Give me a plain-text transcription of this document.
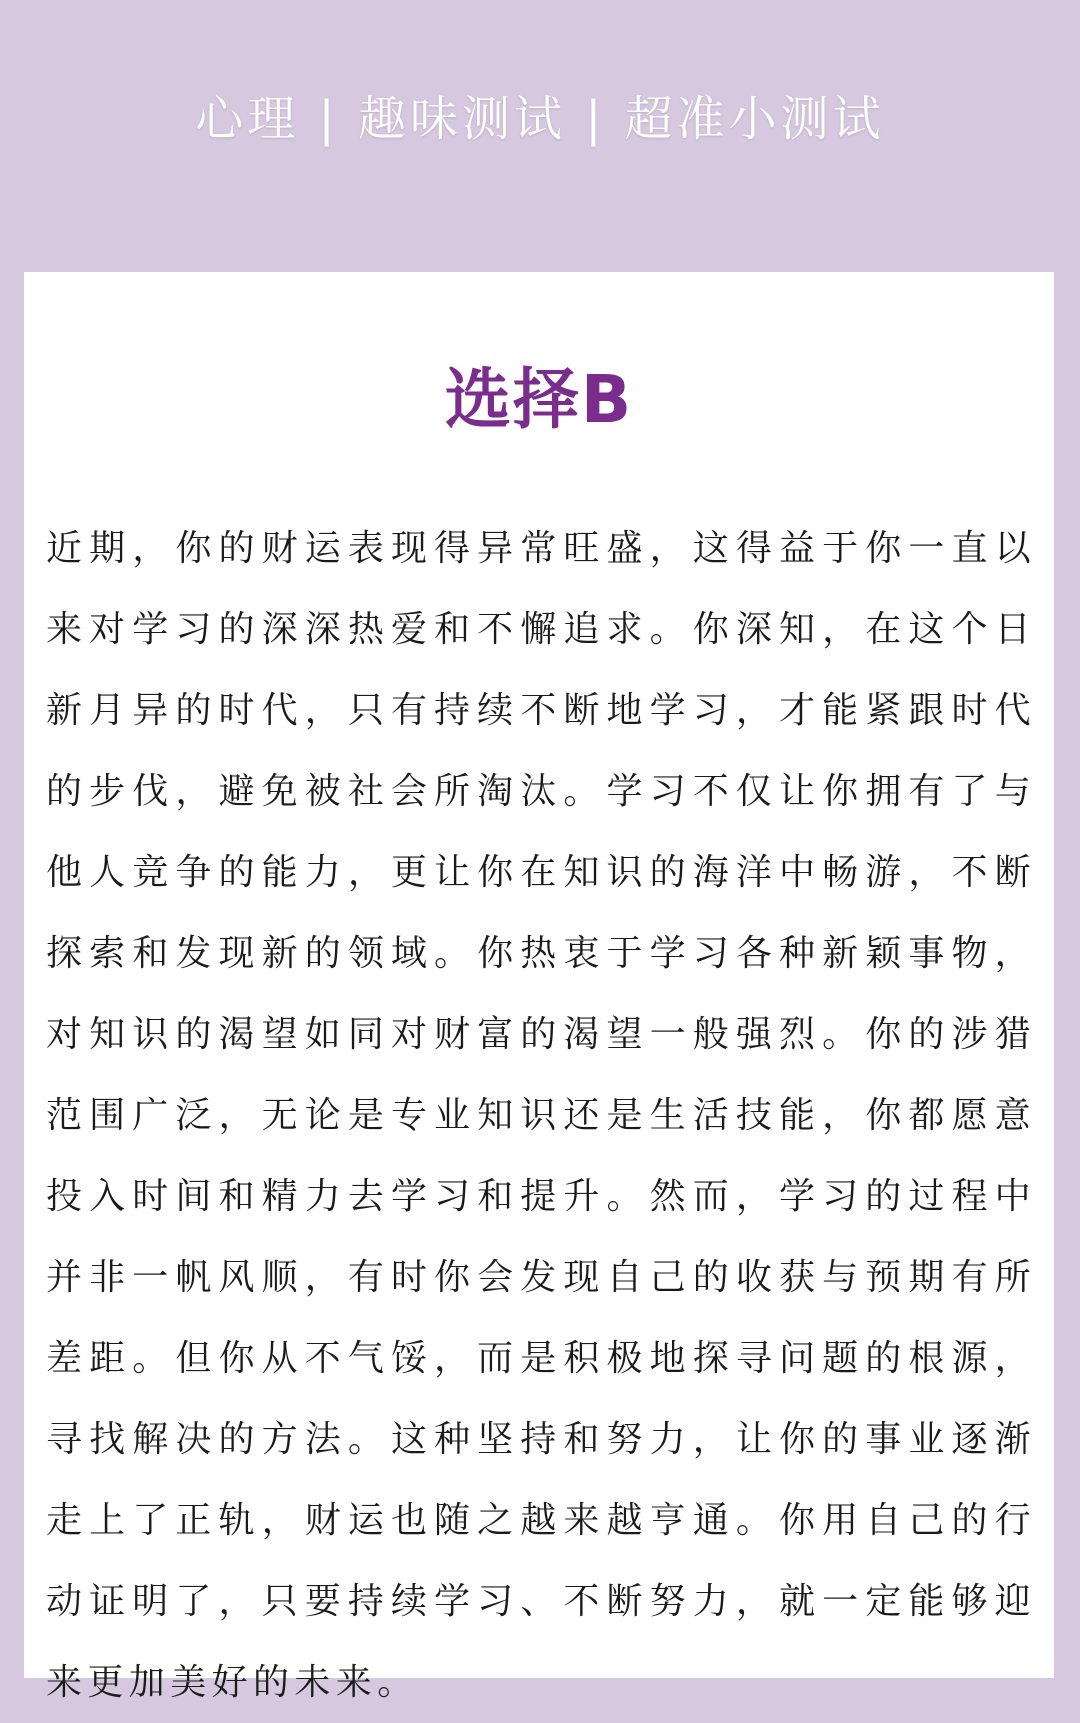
心理 | 趣味测试 | 超准小测试
选择B

近期，你的财运表现得异常旺盛，这得益于你一直以来对学习的深深热爱和不懈追求。你深知，在这个日新月异的时代，只有持续不断地学习，才能紧跟时代的步伐，避免被社会所淘汰。学习不仅让你拥有了与他人竞争的能力，更让你在知识的海洋中畅游，不断探索和发现新的领域。你热衷于学习各种新颖事物，对知识的渴望如同对财富的渴望一般强烈。你的涉猎范围广泛，无论是专业知识还是生活技能，你都愿意投入时间和精力去学习和提升。然而，学习的过程中并非一帆风顺，有时你会发现自己的收获与预期有所差距。但你从不气馁，而是积极地探寻问题的根源，寻找解决的方法。这种坚持和努力，让你的事业逐渐走上了正轨，财运也随之越来越亨通。你用自己的行动证明了，只要持续学习、不断努力，就一定能够迎来更加美好的未来。
